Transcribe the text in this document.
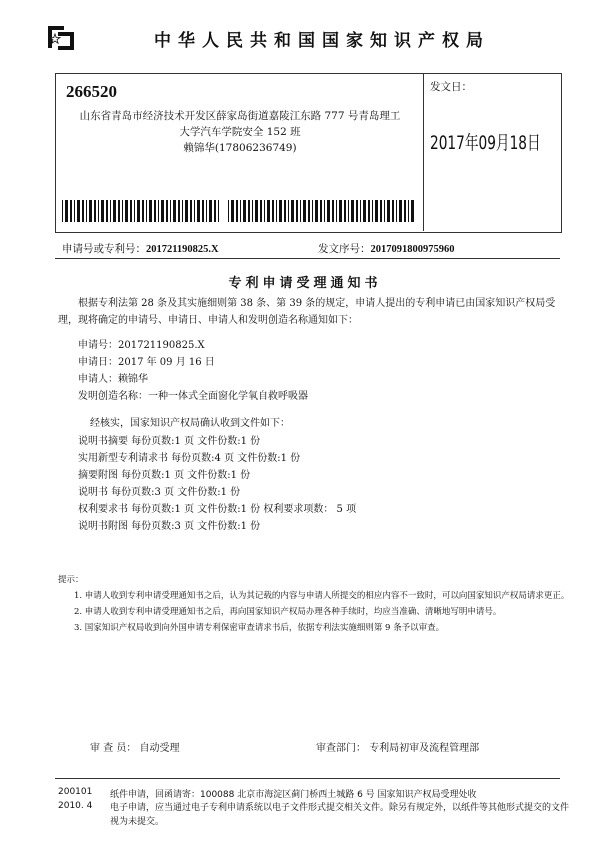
中华人民共和国国家知识产权局
266520
山东省青岛市经济技术开发区薛家岛街道嘉陵江东路 777 号青岛理工
大学汽车学院安全 152 班
赖锦华(17806236749)
发文日：
2017年09月18日
申请号或专利号：201721190825.X	发文序号：2017091800975960
专利申请受理通知书
根据专利法第 28 条及其实施细则第 38 条、第 39 条的规定，申请人提出的专利申请已由国家知识产权局受理，现将确定的申请号、申请日、申请人和发明创造名称通知如下：
申请号：201721190825.X
申请日：2017 年 09 月 16 日
申请人：赖锦华
发明创造名称：一种一体式全面窗化学氧自救呼吸器
经核实，国家知识产权局确认收到文件如下：
说明书摘要 每份页数:1 页 文件份数:1 份
实用新型专利请求书 每份页数:4 页 文件份数:1 份
摘要附图 每份页数:1 页 文件份数:1 份
说明书 每份页数:3 页 文件份数:1 份
权利要求书 每份页数:1 页 文件份数:1 份 权利要求项数： 5 项
说明书附图 每份页数:3 页 文件份数:1 份
提示：
1. 申请人收到专利申请受理通知书之后，认为其记载的内容与申请人所提交的相应内容不一致时，可以向国家知识产权局请求更正。
2. 申请人收到专利申请受理通知书之后，再向国家知识产权局办理各种手续时，均应当准确、清晰地写明申请号。
3. 国家知识产权局收到向外国申请专利保密审查请求书后，依据专利法实施细则第 9 条予以审查。
审 查 员： 自动受理	审查部门： 专利局初审及流程管理部
200101 纸件申请，回函请寄：100088 北京市海淀区蓟门桥西土城路 6 号 国家知识产权局受理处收
2010. 4 电子申请，应当通过电子专利申请系统以电子文件形式提交相关文件。除另有规定外，以纸件等其他形式提交的文件视为未提交。
